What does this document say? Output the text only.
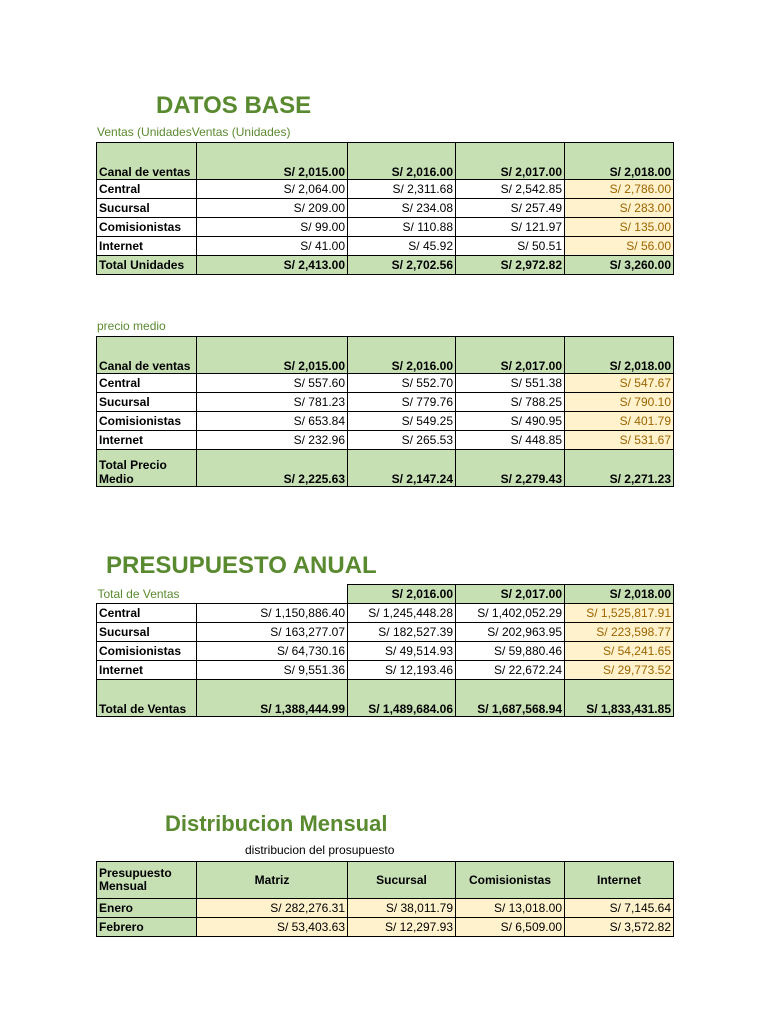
DATOS BASE

Ventas (UnidadesVentas (Unidades)

Canal de ventas	S/ 2,015.00	S/ 2,016.00	S/ 2,017.00	S/ 2,018.00
Central	S/ 2,064.00	S/ 2,311.68	S/ 2,542.85	S/ 2,786.00
Sucursal	S/ 209.00	S/ 234.08	S/ 257.49	S/ 283.00
Comisionistas	S/ 99.00	S/ 110.88	S/ 121.97	S/ 135.00
Internet	S/ 41.00	S/ 45.92	S/ 50.51	S/ 56.00
Total Unidades	S/ 2,413.00	S/ 2,702.56	S/ 2,972.82	S/ 3,260.00

precio medio

Canal de ventas	S/ 2,015.00	S/ 2,016.00	S/ 2,017.00	S/ 2,018.00
Central	S/ 557.60	S/ 552.70	S/ 551.38	S/ 547.67
Sucursal	S/ 781.23	S/ 779.76	S/ 788.25	S/ 790.10
Comisionistas	S/ 653.84	S/ 549.25	S/ 490.95	S/ 401.79
Internet	S/ 232.96	S/ 265.53	S/ 448.85	S/ 531.67
Total Precio
Medio	S/ 2,225.63	S/ 2,147.24	S/ 2,279.43	S/ 2,271.23
PRESUPUESTO ANUAL
Total de Ventas		S/ 2,016.00	S/ 2,017.00	S/ 2,018.00
Central	S/ 1,150,886.40	S/ 1,245,448.28	S/ 1,402,052.29	S/ 1,525,817.91
Sucursal	S/ 163,277.07	S/ 182,527.39	S/ 202,963.95	S/ 223,598.77
Comisionistas	S/ 64,730.16	S/ 49,514.93	S/ 59,880.46	S/ 54,241.65
Internet	S/ 9,551.36	S/ 12,193.46	S/ 22,672.24	S/ 29,773.52
Total de Ventas	S/ 1,388,444.99	S/ 1,489,684.06	S/ 1,687,568.94	S/ 1,833,431.85
Distribucion Mensual

distribucion del prosupuesto

Presupuesto
Mensual	Matriz	Sucursal	Comisionistas	Internet
Enero	S/ 282,276.31	S/ 38,011.79	S/ 13,018.00	S/ 7,145.64
Febrero	S/ 53,403.63	S/ 12,297.93	S/ 6,509.00	S/ 3,572.82
